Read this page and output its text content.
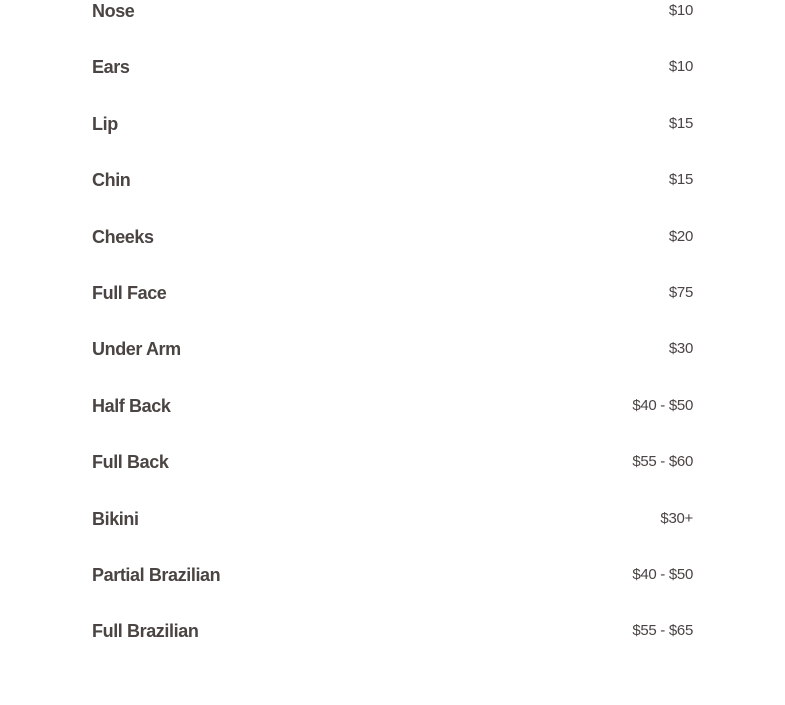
Nose	$10
Ears	$10
Lip	$15
Chin	$15
Cheeks	$20
Full Face	$75
Under Arm	$30
Half Back	$40 - $50
Full Back	$55 - $60
Bikini	$30+
Partial Brazilian	$40 - $50
Full Brazilian	$55 - $65
